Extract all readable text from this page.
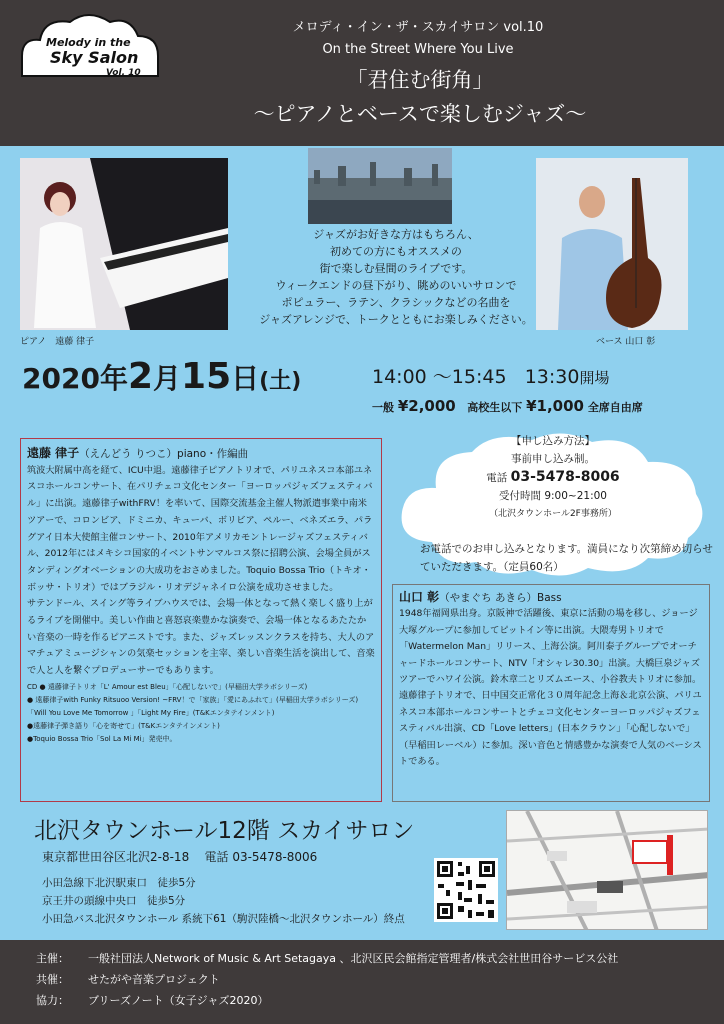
Melody in the
Sky Salon
Vol. 10
メロディ・イン・ザ・スカイサロン vol.10
On the Street Where You Live
「君住む街角」
〜ピアノとベースで楽しむジャズ〜
ピアノ　遠藤 律子	ベース 山口 彰
ジャズがお好きな方はもちろん、
初めての方にもオススメの
街で楽しむ昼間のライブです。
ウィークエンドの昼下がり、眺めのいいサロンで
ポピュラー、ラテン、クラシックなどの名曲を
ジャズアレンジで、トークとともにお楽しみください。
2020年2月15日(土)	14:00 〜15:45 13:30開場
一般 ¥2,000 高校生以下 ¥1,000 全席自由席
遠藤 律子（えんどう りつこ）piano・作編曲
筑波大附属中高を経て、ICU中退。遠藤律子ピアノトリオで、パリユネスコ本部ユネスコホールコンサート、在パリチェコ文化センター「ヨーロッパジャズフェスティバル」に出演。遠藤律子withFRV！を率いて、国際交流基金主催人物派遣事業中南米ツアーで、コロンビア、ドミニカ、キューバ、ボリビア、ペルー、ベネズエラ、パラグアイ日本大使館主催コンサート、2010年アメリカモントレージャズフェスティバル、2012年にはメキシコ国家的イベントサンマルコス祭に招聘公演、会場全員がスタンディングオベーションの大成功をおさめました。Toquio Bossa Trio（トキオ・ボッサ・トリオ）ではブラジル・リオデジャネイロ公演を成功させました。
サテンドール、スイング等ライブハウスでは、会場一体となって熱く楽しく盛り上がるライブを開催中。美しい作曲と喜怒哀楽豊かな演奏で、会場一体となるあたたかい音楽の一時を作るピアニストです。また、ジャズレッスンクラスを持ち、大人のアマチュアミュージシャンの気楽セッションを主宰、楽しい音楽生活を演出して、音楽で人と人を繋ぐプロデューサーでもあります。
CD ● 遠藤律子トリオ「L' Amour est Bleu」「心配しないで」(早稲田大学ラボシリーズ)
● 遠藤律子with Funky Ritsuoo Version! ~FRV！で「家族」「愛にあふれて」(早稲田大学ラボシリーズ)「Will You Love Me Tomorrow 」「Light My Fire」(T&Kエンタテインメント)
●遠藤律子弾き語り「心を寄せて」(T&Kエンタテインメント)
●Toquio Bossa Trio「Sol La Mi Mi」発売中。
【申し込み方法】
事前申し込み制。
電話 03-5478-8006
受付時間 9:00~21:00
（北沢タウンホール2F事務所）
お電話でのお申し込みとなります。満員になり次第締め切らせていただきます。（定員60名）
山口 彰（やまぐち あきら）Bass
1948年福岡県出身。京阪神で活躍後、東京に活動の場を移し、ジョージ大塚グループに参加してピットイン等に出演。大隈寿男トリオで「Watermelon Man」リリース、上海公演。阿川泰子グループでオーチャードホールコンサート、NTV「オシャレ30.30」出演。大橋巨泉ジャズツアーでハワイ公演。鈴木章二とリズムエース、小谷教夫トリオに参加。遠藤律子トリオで、日中国交正常化３０周年記念上海＆北京公演、パリユネスコ本部ホールコンサートとチェコ文化センターヨーロッパジャズフェスティバル出演、CD「Love letters」(日本クラウン」「心配しないで」（早稲田レーベル）に参加。深い音色と情感豊かな演奏で人気のベーシストである。
北沢タウンホール12階 スカイサロン
東京都世田谷区北沢2-8-18 電話 03-5478-8006
小田急線下北沢駅東口　徒歩5分
京王井の頭線中央口　徒歩5分
小田急バス北沢タウンホール 系統下61（駒沢陸橋〜北沢タウンホール）終点
主催： 一般社団法人Network of Music & Art Setagaya 、北沢区民会館指定管理者/株式会社世田谷サービス公社
共催： せたがや音楽プロジェクト
協力： ブリーズノート（女子ジャズ2020）
